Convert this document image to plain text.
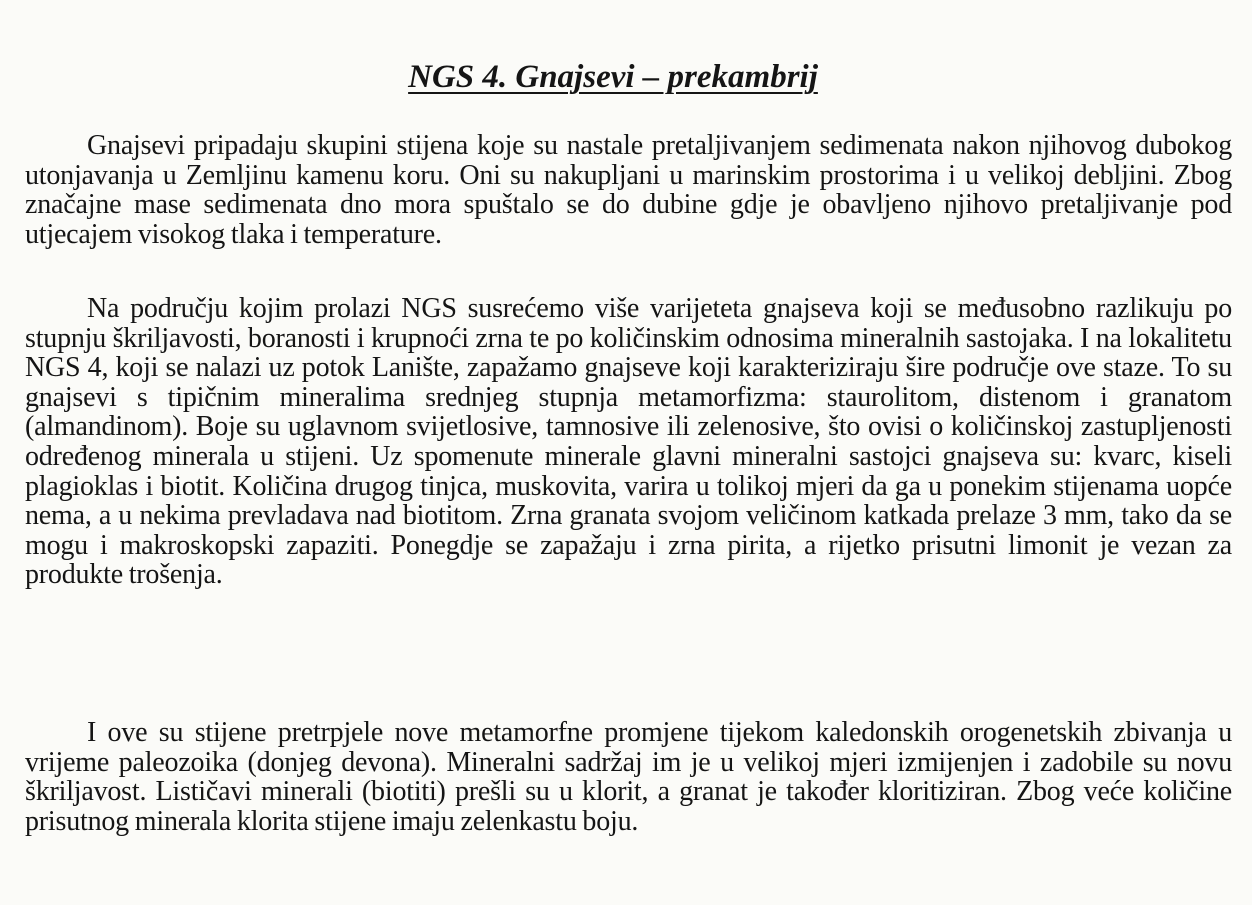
NGS 4. Gnajsevi – prekambrij

Gnajsevi pripadaju skupini stijena koje su nastale pretaljivanjem sedimenata nakon njihovog dubokog utonjavanja u Zemljinu kamenu koru. Oni su nakupljani u marinskim prostorima i u velikoj debljini. Zbog značajne mase sedimenata dno mora spuštalo se do dubine gdje je obavljeno njihovo pretaljivanje pod utjecajem visokog tlaka i temperature.

Na području kojim prolazi NGS susrećemo više varijeteta gnajseva koji se međusobno razlikuju po stupnju škriljavosti, boranosti i krupnoći zrna te po količinskim odnosima mineralnih sastojaka. I na lokalitetu NGS 4, koji se nalazi uz potok Lanište, zapažamo gnajseve koji karakteriziraju šire područje ove staze. To su gnajsevi s tipičnim mineralima srednjeg stupnja metamorfizma: staurolitom, distenom i granatom (almandinom). Boje su uglavnom svijetlosive, tamnosive ili zelenosive, što ovisi o količinskoj zastupljenosti određenog minerala u stijeni. Uz spomenute minerale glavni mineralni sastojci gnajseva su: kvarc, kiseli plagioklas i biotit. Količina drugog tinjca, muskovita, varira u tolikoj mjeri da ga u ponekim stijenama uopće nema, a u nekima prevladava nad biotitom. Zrna granata svojom veličinom katkada prelaze 3 mm, tako da se mogu i makroskopski zapaziti. Ponegdje se zapažaju i zrna pirita, a rijetko prisutni limonit je vezan za produkte trošenja.

I ove su stijene pretrpjele nove metamorfne promjene tijekom kaledonskih orogenetskih zbivanja u vrijeme paleozoika (donjeg devona). Mineralni sadržaj im je u velikoj mjeri izmijenjen i zadobile su novu škriljavost. Lističavi minerali (biotiti) prešli su u klorit, a granat je također kloritiziran. Zbog veće količine prisutnog minerala klorita stijene imaju zelenkastu boju.
